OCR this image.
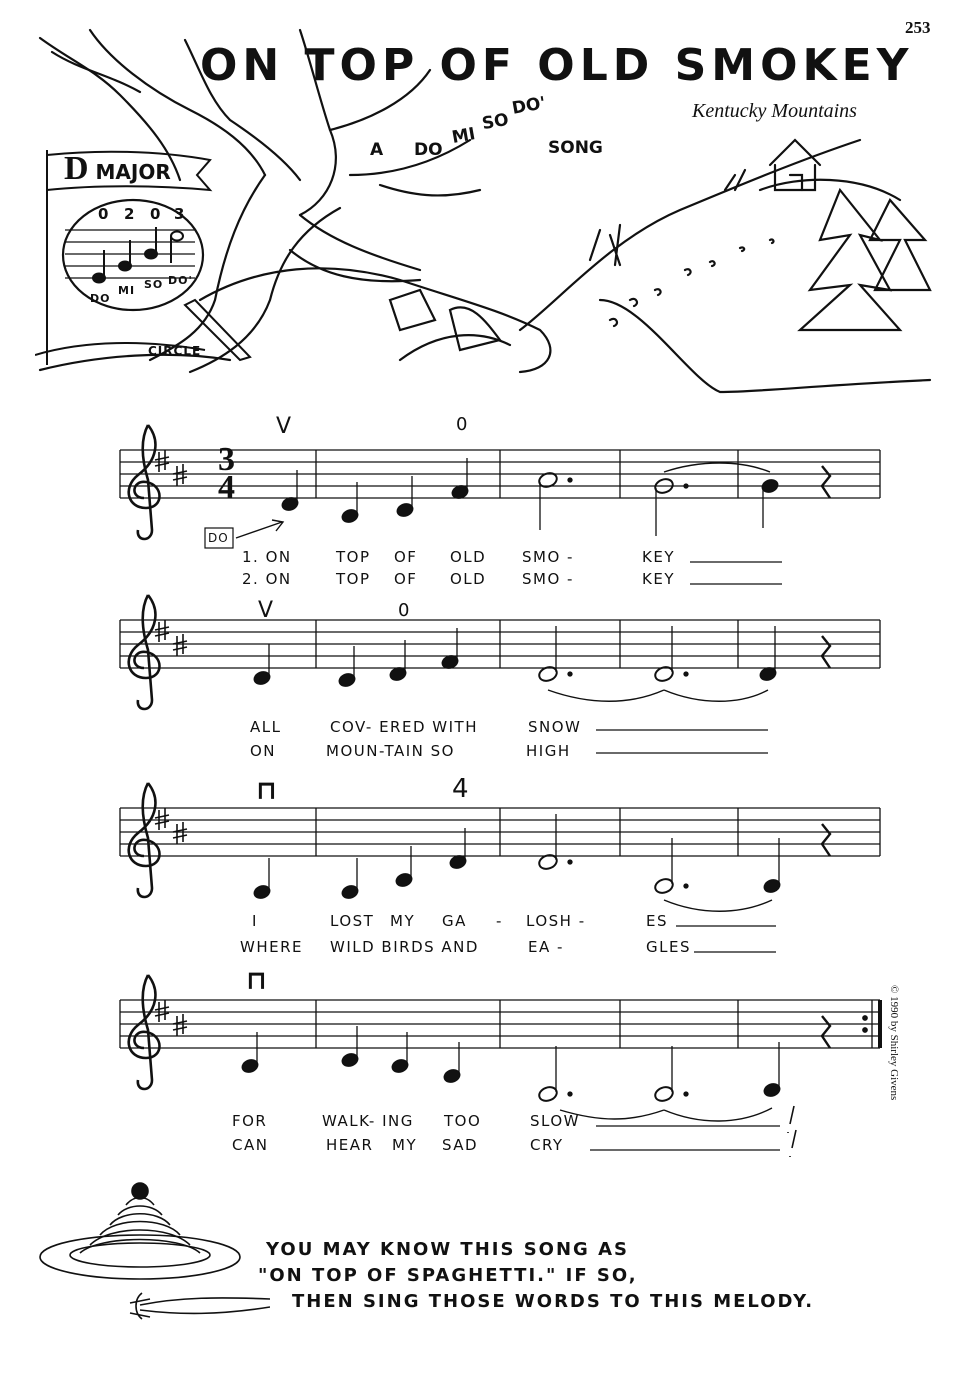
253
ON TOP OF OLD SMOKEY
Kentucky Mountains
A DO
MI
SO
DO'
SONG
D MAJOR
0 2 0 3
DO
MI SO DO'
CIRCLE
3
4
DO
V	0
1. ON	TOP OF OLD SMO -	KEY
2. ON	TOP OF OLD SMO -	KEY
V	0
ALL	COV- ERED WITH	SNOW
ON	MOUN-TAIN SO	HIGH
⊓	4
I	LOST MY GA - LOSH -	ES
WHERE WILD BIRDS AND	EA -	GLES
⊓
FOR	WALK- ING TOO	SLOW
CAN	HEAR MY SAD	CRY
© 1990 by Shirley Givens
YOU MAY KNOW THIS SONG AS
"ON TOP OF SPAGHETTI." IF SO,
THEN SING THOSE WORDS TO THIS MELODY.
